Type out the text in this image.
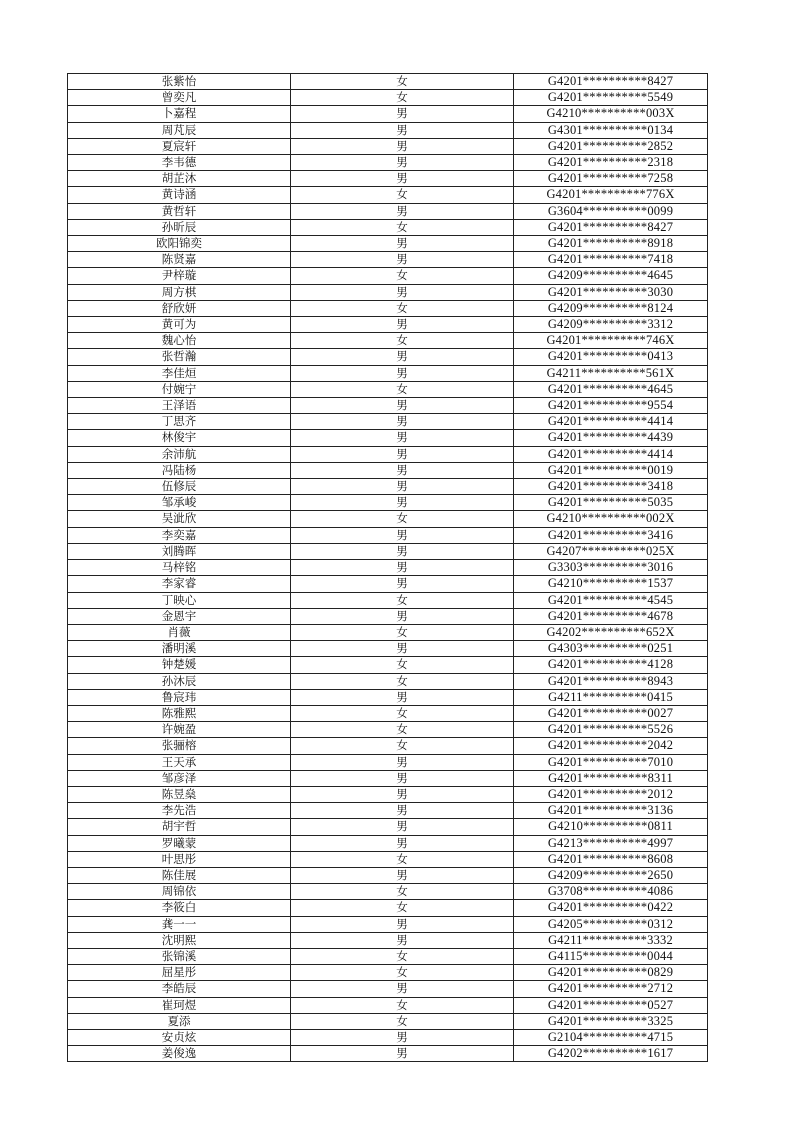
张紫怡	女	G4201**********8427
曾奕凡	女	G4201**********5549
卜嘉程	男	G4210**********003X
周芃辰	男	G4301**********0134
夏宸轩	男	G4201**********2852
李韦德	男	G4201**********2318
胡芷沐	男	G4201**********7258
黄诗涵	女	G4201**********776X
黄哲轩	男	G3604**********0099
孙昕辰	女	G4201**********8427
欧阳锦奕	男	G4201**********8918
陈贤嘉	男	G4201**********7418
尹梓璇	女	G4209**********4645
周方棋	男	G4201**********3030
舒欣妍	女	G4209**********8124
黄可为	男	G4209**********3312
魏心怡	女	G4201**********746X
张哲瀚	男	G4201**********0413
李佳烜	男	G4211**********561X
付婉宁	女	G4201**********4645
王泽语	男	G4201**********9554
丁思齐	男	G4201**********4414
林俊宇	男	G4201**********4439
余沛航	男	G4201**********4414
冯陆杨	男	G4201**********0019
伍修辰	男	G4201**********3418
邹承峻	男	G4201**********5035
吴泚欣	女	G4210**********002X
李奕嘉	男	G4201**********3416
刘腾晖	男	G4207**********025X
马梓铭	男	G3303**********3016
李家睿	男	G4210**********1537
丁映心	女	G4201**********4545
金恩宇	男	G4201**********4678
肖薇	女	G4202**********652X
潘明溪	男	G4303**********0251
钟楚媛	女	G4201**********4128
孙沐辰	女	G4201**********8943
鲁宸玮	男	G4211**********0415
陈雅熙	女	G4201**********0027
许婉盈	女	G4201**********5526
张骊榕	女	G4201**********2042
王天承	男	G4201**********7010
邹彦泽	男	G4201**********8311
陈昱燊	男	G4201**********2012
李先浩	男	G4201**********3136
胡宇哲	男	G4210**********0811
罗曦蒙	男	G4213**********4997
叶思彤	女	G4201**********8608
陈佳展	男	G4209**********2650
周锦依	女	G3708**********4086
李筱白	女	G4201**********0422
龚一一	男	G4205**********0312
沈明熙	男	G4211**********3332
张锦溪	女	G4115**********0044
屈星彤	女	G4201**********0829
李皓辰	男	G4201**********2712
崔珂煜	女	G4201**********0527
夏添	女	G4201**********3325
安贞炫	男	G2104**********4715
姜俊逸	男	G4202**********1617
